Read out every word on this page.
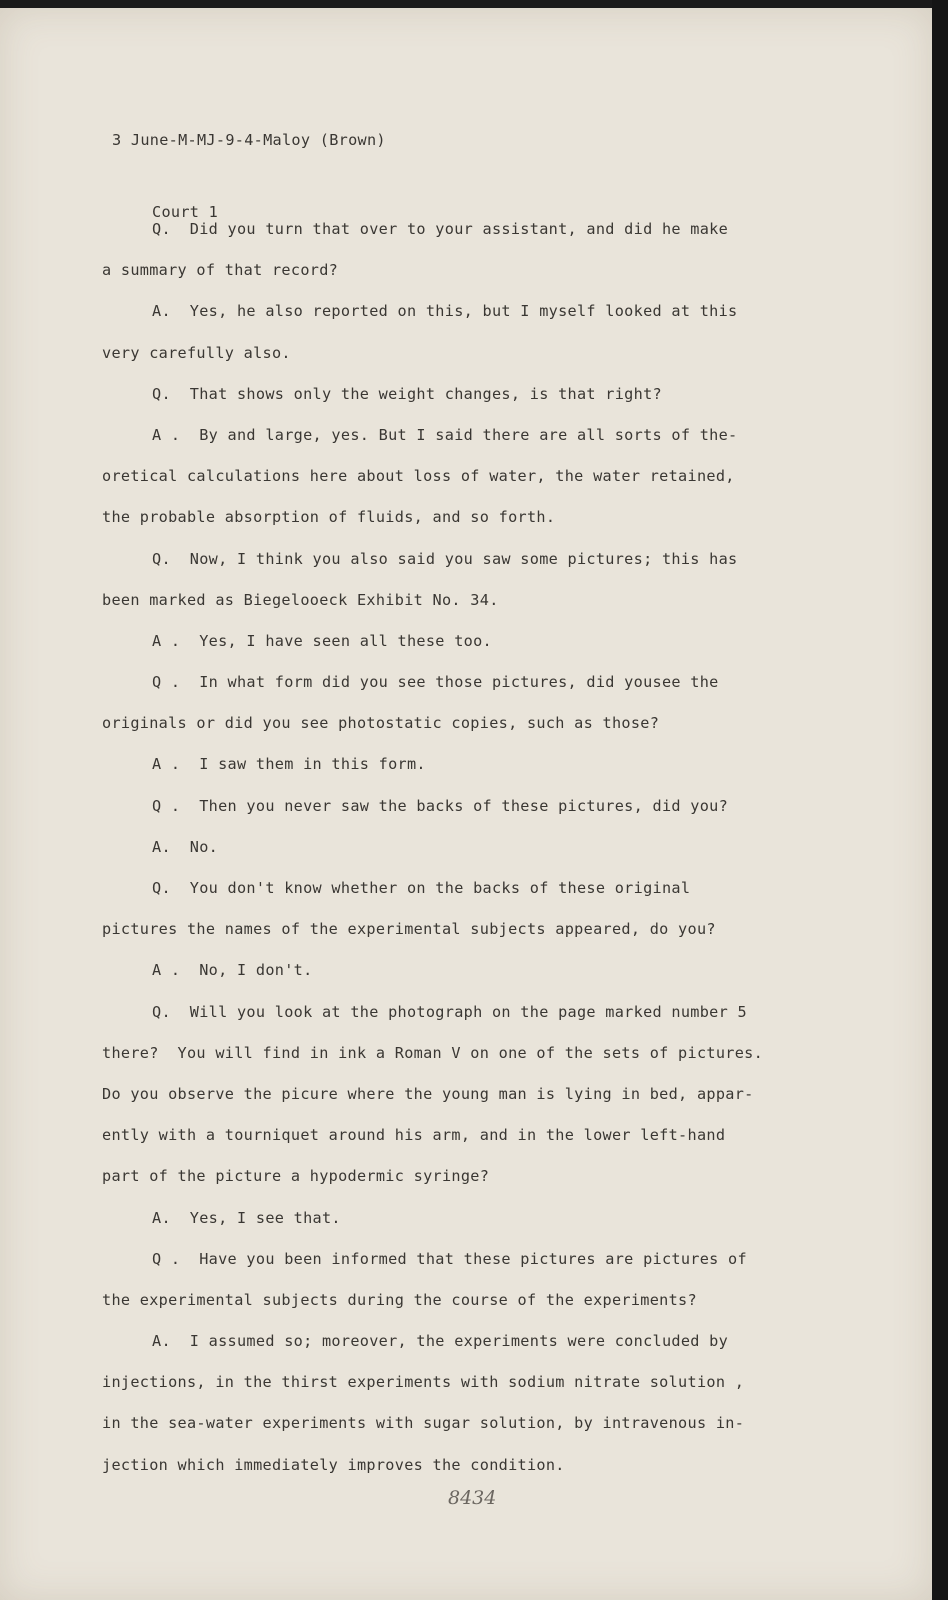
3 June-M-MJ-9-4-Maloy (Brown)

Court 1

Q.  Did you turn that over to your assistant, and did he make
a summary of that record?
A.  Yes, he also reported on this, but I myself looked at this
very carefully also.
Q.  That shows only the weight changes, is that right?
A .  By and large, yes. But I said there are all sorts of the-
oretical calculations here about loss of water, the water retained,
the probable absorption of fluids, and so forth.
Q.  Now, I think you also said you saw some pictures; this has
been marked as Biegelooeck Exhibit No. 34.
A .  Yes, I have seen all these too.
Q .  In what form did you see those pictures, did yousee the
originals or did you see photostatic copies, such as those?
A .  I saw them in this form.
Q .  Then you never saw the backs of these pictures, did you?
A.  No.
Q.  You don't know whether on the backs of these original
pictures the names of the experimental subjects appeared, do you?
A .  No, I don't.
Q.  Will you look at the photograph on the page marked number 5
there?  You will find in ink a Roman V on one of the sets of pictures.
Do you observe the picure where the young man is lying in bed, appar-
ently with a tourniquet around his arm, and in the lower left-hand
part of the picture a hypodermic syringe?
A.  Yes, I see that.
Q .  Have you been informed that these pictures are pictures of
the experimental subjects during the course of the experiments?
A.  I assumed so; moreover, the experiments were concluded by
injections, in the thirst experiments with sodium nitrate solution ,
in the sea-water experiments with sugar solution, by intravenous in-
jection which immediately improves the condition.
8434
